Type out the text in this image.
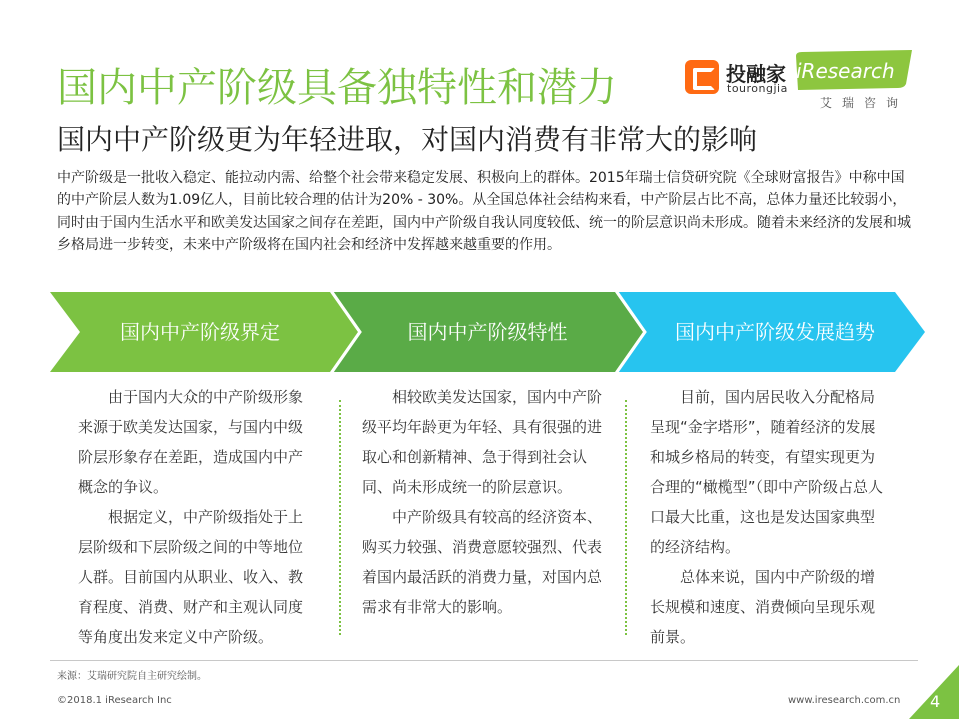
国内中产阶级具备独特性和潜力	投融家
tourongjia
iResearch
艾瑞咨询
国内中产阶级更为年轻进取，对国内消费有非常大的影响

中产阶级是一批收入稳定、能拉动内需、给整个社会带来稳定发展、积极向上的群体。2015年瑞士信贷研究院《全球财富报告》中称中国的中产阶层人数为1.09亿人，目前比较合理的估计为20% - 30%。从全国总体社会结构来看，中产阶层占比不高，总体力量还比较弱小，同时由于国内生活水平和欧美发达国家之间存在差距，国内中产阶级自我认同度较低、统一的阶层意识尚未形成。随着未来经济的发展和城乡格局进一步转变，未来中产阶级将在国内社会和经济中发挥越来越重要的作用。

国内中产阶级界定	国内中产阶级特性	国内中产阶级发展趋势

由于国内大众的中产阶级形象来源于欧美发达国家，与国内中级阶层形象存在差距，造成国内中产概念的争议。

根据定义，中产阶级指处于上层阶级和下层阶级之间的中等地位人群。目前国内从职业、收入、教育程度、消费、财产和主观认同度等角度出发来定义中产阶级。

相较欧美发达国家，国内中产阶级平均年龄更为年轻、具有很强的进取心和创新精神、急于得到社会认同、尚未形成统一的阶层意识。

中产阶级具有较高的经济资本、购买力较强、消费意愿较强烈、代表着国内最活跃的消费力量，对国内总需求有非常大的影响。

目前，国内居民收入分配格局呈现“金字塔形”，随着经济的发展和城乡格局的转变，有望实现更为合理的“橄榄型”（即中产阶级占总人口最大比重，这也是发达国家典型的经济结构。

总体来说，国内中产阶级的增长规模和速度、消费倾向呈现乐观前景。

来源：艾瑞研究院自主研究绘制。
©2018.1 iResearch Inc	www.iresearch.com.cn 4
